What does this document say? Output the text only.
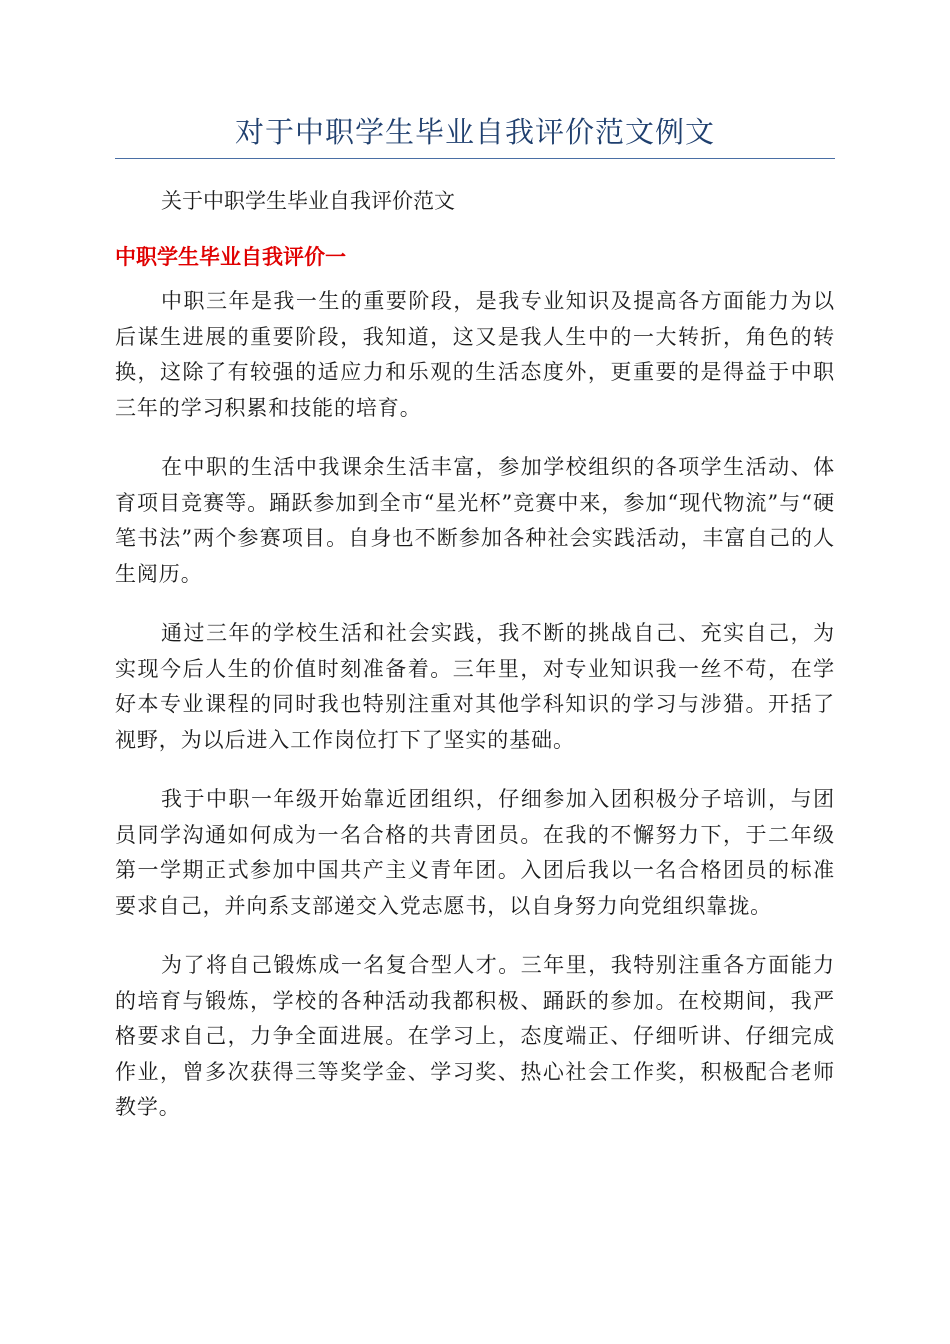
对于中职学生毕业自我评价范文例文

关于中职学生毕业自我评价范文

中职学生毕业自我评价一

中职三年是我一生的重要阶段，是我专业知识及提高各方面能力为以后谋生进展的重要阶段，我知道，这又是我人生中的一大转折，角色的转换，这除了有较强的适应力和乐观的生活态度外，更重要的是得益于中职三年的学习积累和技能的培育。

在中职的生活中我课余生活丰富，参加学校组织的各项学生活动、体育项目竞赛等。踊跃参加到全市“星光杯”竞赛中来，参加“现代物流”与“硬笔书法”两个参赛项目。自身也不断参加各种社会实践活动，丰富自己的人生阅历。

通过三年的学校生活和社会实践，我不断的挑战自己、充实自己，为实现今后人生的价值时刻准备着。三年里，对专业知识我一丝不苟，在学好本专业课程的同时我也特别注重对其他学科知识的学习与涉猎。开括了视野，为以后进入工作岗位打下了坚实的基础。

我于中职一年级开始靠近团组织，仔细参加入团积极分子培训，与团员同学沟通如何成为一名合格的共青团员。在我的不懈努力下，于二年级第一学期正式参加中国共产主义青年团。入团后我以一名合格团员的标准要求自己，并向系支部递交入党志愿书，以自身努力向党组织靠拢。

为了将自己锻炼成一名复合型人才。三年里，我特别注重各方面能力的培育与锻炼，学校的各种活动我都积极、踊跃的参加。在校期间，我严格要求自己，力争全面进展。在学习上，态度端正、仔细听讲、仔细完成作业，曾多次获得三等奖学金、学习奖、热心社会工作奖，积极配合老师教学。
